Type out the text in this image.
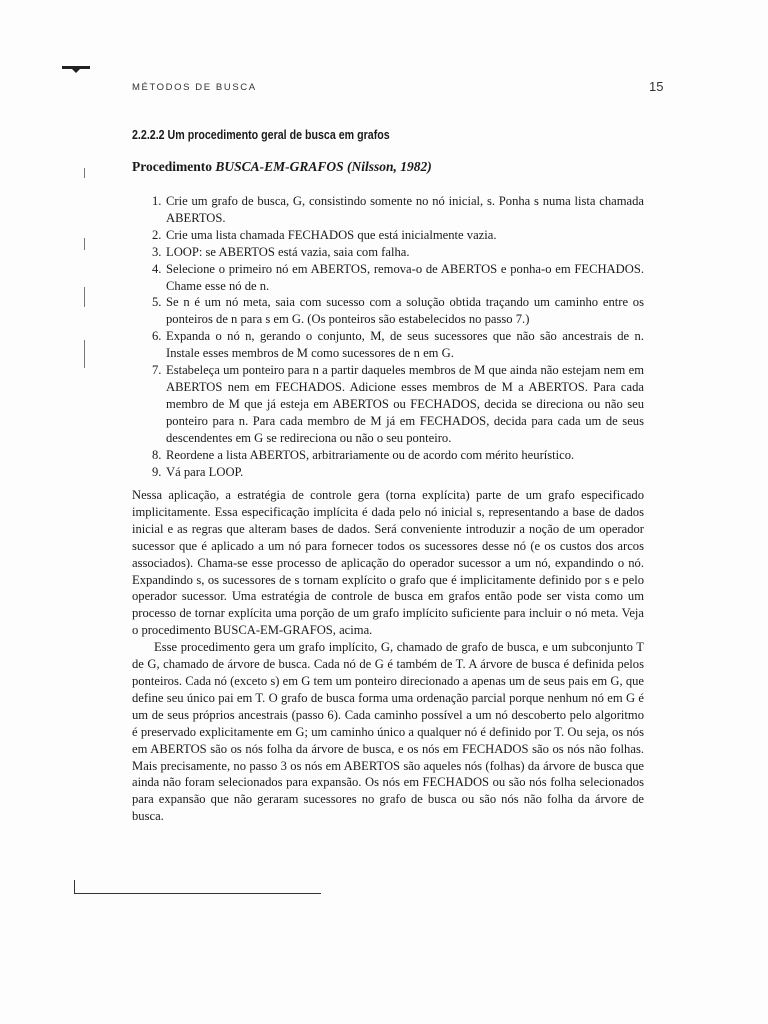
MÉTODOS DE BUSCA	15
2.2.2.2 Um procedimento geral de busca em grafos
Procedimento BUSCA-EM-GRAFOS (Nilsson, 1982)
1. Crie um grafo de busca, G, consistindo somente no nó inicial, s. Ponha s numa lista chamada ABERTOS.
2. Crie uma lista chamada FECHADOS que está inicialmente vazia.
3. LOOP: se ABERTOS está vazia, saia com falha.
4. Selecione o primeiro nó em ABERTOS, remova-o de ABERTOS e ponha-o em FECHADOS. Chame esse nó de n.
5. Se n é um nó meta, saia com sucesso com a solução obtida traçando um caminho entre os ponteiros de n para s em G. (Os ponteiros são estabelecidos no passo 7.)
6. Expanda o nó n, gerando o conjunto, M, de seus sucessores que não são ancestrais de n. Instale esses membros de M como sucessores de n em G.
7. Estabeleça um ponteiro para n a partir daqueles membros de M que ainda não estejam nem em ABERTOS nem em FECHADOS. Adicione esses membros de M a ABERTOS. Para cada membro de M que já esteja em ABERTOS ou FECHADOS, decida se direciona ou não seu ponteiro para n. Para cada membro de M já em FECHADOS, decida para cada um de seus descendentes em G se redireciona ou não o seu ponteiro.
8. Reordene a lista ABERTOS, arbitrariamente ou de acordo com mérito heurístico.
9. Vá para LOOP.

Nessa aplicação, a estratégia de controle gera (torna explícita) parte de um grafo especificado implicitamente. Essa especificação implícita é dada pelo nó inicial s, representando a base de dados inicial e as regras que alteram bases de dados. Será conveniente introduzir a noção de um operador sucessor que é aplicado a um nó para fornecer todos os sucessores desse nó (e os custos dos arcos associados). Chama-se esse processo de aplicação do operador sucessor a um nó, expandindo o nó. Expandindo s, os sucessores de s tornam explícito o grafo que é implicitamente definido por s e pelo operador sucessor. Uma estratégia de controle de busca em grafos então pode ser vista como um processo de tornar explícita uma porção de um grafo implícito suficiente para incluir o nó meta. Veja o procedimento BUSCA-EM-GRAFOS, acima.

Esse procedimento gera um grafo implícito, G, chamado de grafo de busca, e um subconjunto T de G, chamado de árvore de busca. Cada nó de G é também de T. A árvore de busca é definida pelos ponteiros. Cada nó (exceto s) em G tem um ponteiro direcionado a apenas um de seus pais em G, que define seu único pai em T. O grafo de busca forma uma ordenação parcial porque nenhum nó em G é um de seus próprios ancestrais (passo 6). Cada caminho possível a um nó descoberto pelo algoritmo é preservado explicitamente em G; um caminho único a qualquer nó é definido por T. Ou seja, os nós em ABERTOS são os nós folha da árvore de busca, e os nós em FECHADOS são os nós não folhas. Mais precisamente, no passo 3 os nós em ABERTOS são aqueles nós (folhas) da árvore de busca que ainda não foram selecionados para expansão. Os nós em FECHADOS ou são nós folha selecionados para expansão que não geraram sucessores no grafo de busca ou são nós não folha da árvore de busca.
